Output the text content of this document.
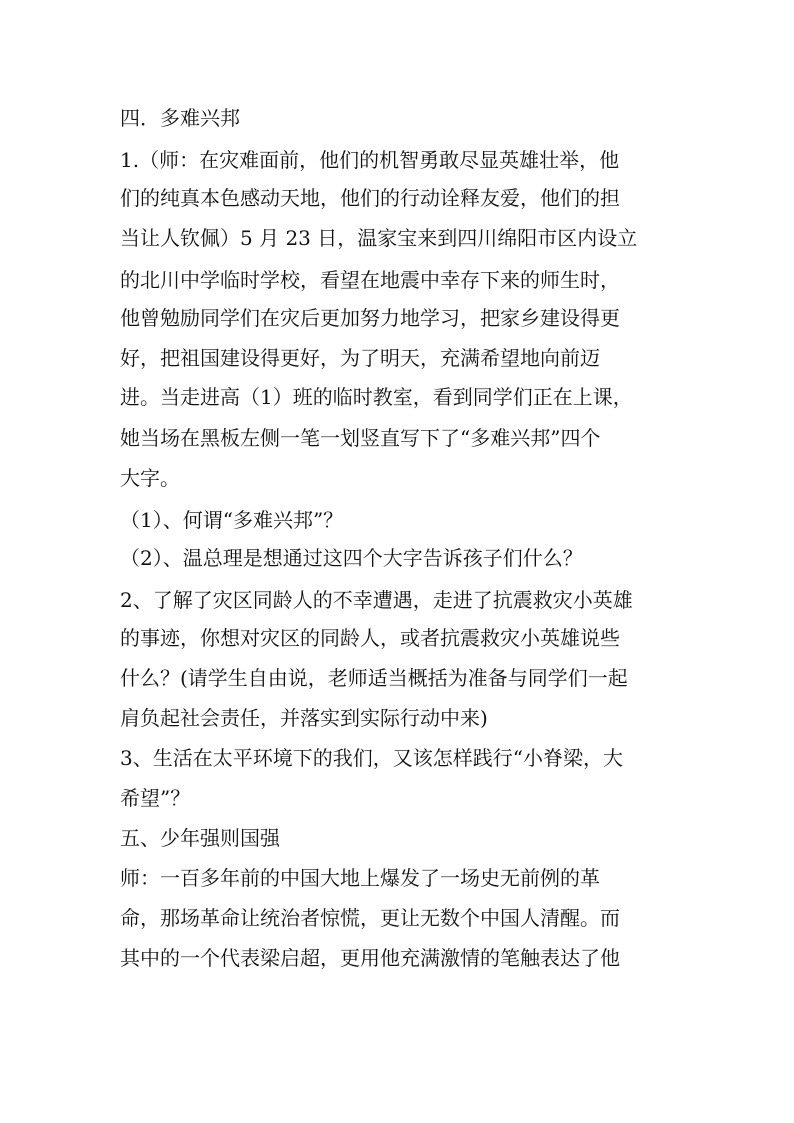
四．多难兴邦
1.（师：在灾难面前，他们的机智勇敢尽显英雄壮举，他
们的纯真本色感动天地，他们的行动诠释友爱，他们的担
当让人钦佩）5 月 23 日，温家宝来到四川绵阳市区内设立
的北川中学临时学校，看望在地震中幸存下来的师生时，
他曾勉励同学们在灾后更加努力地学习，把家乡建设得更
好，把祖国建设得更好，为了明天，充满希望地向前迈
进。当走进高（1）班的临时教室，看到同学们正在上课，
她当场在黑板左侧一笔一划竖直写下了“多难兴邦”四个
大字。
（1）、何谓“多难兴邦”？
（2）、温总理是想通过这四个大字告诉孩子们什么？
2、了解了灾区同龄人的不幸遭遇，走进了抗震救灾小英雄
的事迹，你想对灾区的同龄人，或者抗震救灾小英雄说些
什么？(请学生自由说，老师适当概括为准备与同学们一起
肩负起社会责任，并落实到实际行动中来)
3、生活在太平环境下的我们，又该怎样践行“小脊梁，大
希望”？
五、少年强则国强
师：一百多年前的中国大地上爆发了一场史无前例的革
命，那场革命让统治者惊慌，更让无数个中国人清醒。而
其中的一个代表梁启超，更用他充满激情的笔触表达了他
